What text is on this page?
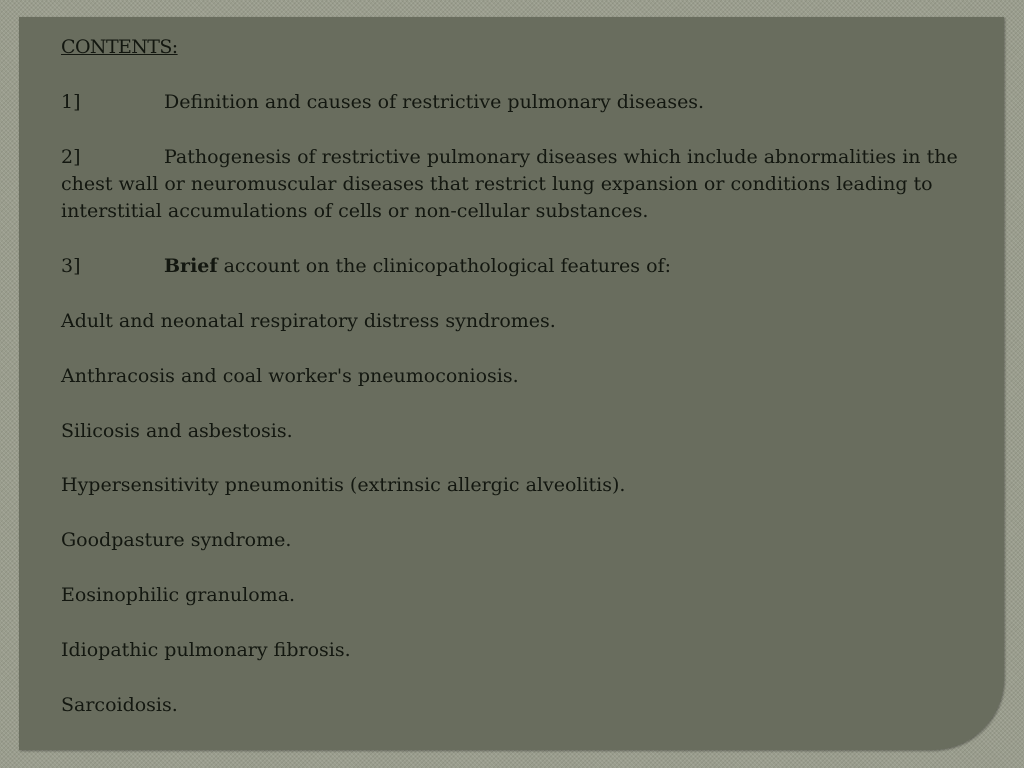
CONTENTS:

1]	Definition and causes of restrictive pulmonary diseases.

2]	Pathogenesis of restrictive pulmonary diseases which include abnormalities in the

chest wall or neuromuscular diseases that restrict lung expansion or conditions leading to

interstitial accumulations of cells or non-cellular substances.

3]	Brief account on the clinicopathological features of:

Adult and neonatal respiratory distress syndromes.

Anthracosis and coal worker's pneumoconiosis.

Silicosis and asbestosis.

Hypersensitivity pneumonitis (extrinsic allergic alveolitis).

Goodpasture syndrome.

Eosinophilic granuloma.

Idiopathic pulmonary fibrosis.

Sarcoidosis.
